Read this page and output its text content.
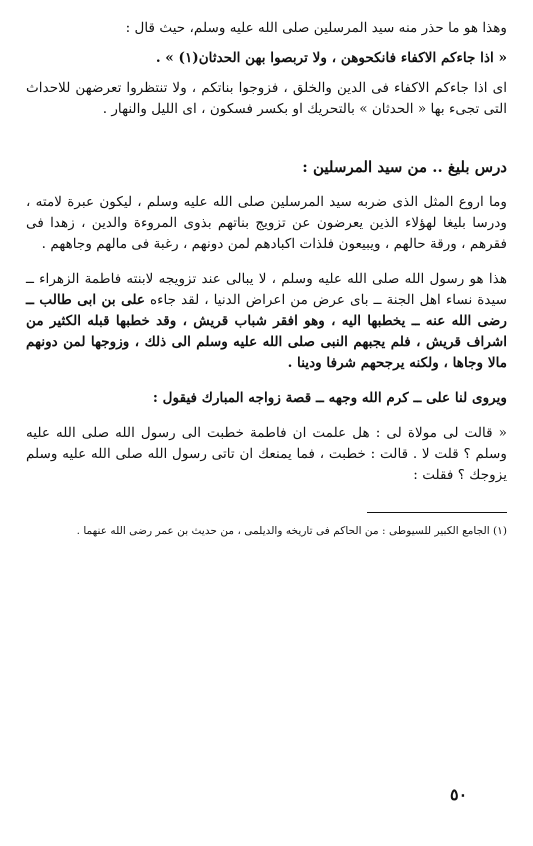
وهذا هو ما حذر منه سيد المرسلين صلى الله عليه وسلم، حيث قال :

« اذا جاءكم الاكفاء فانكحوهن ، ولا تربصوا بهن الحدثان(١) » .

اى اذا جاءكم الاكفاء فى الدين والخلق ، فزوجوا بناتكم ، ولا تنتظروا تعرضهن للاحداث التى تجىء بها « الحدثان » بالتحريك او بكسر فسكون ، اى الليل والنهار .

درس بليغ .. من سيد المرسلين :

وما اروع المثل الذى ضربه سيد المرسلين صلى الله عليه وسلم ، ليكون عبرة لامته ، ودرسا بليغا لهؤلاء الذين يعرضون عن تزويج بناتهم بذوى المروءة والدين ، زهدا فى فقرهم ، ورقة حالهم ، ويبيعون فلذات اكبادهم لمن دونهم ، رغبة فى مالهم وجاههم .

هذا هو رسول الله صلى الله عليه وسلم ، لا يبالى عند تزويجه لابنته فاطمة الزهراء ــ سيدة نساء اهل الجنة ــ باى عرض من اعراض الدنيا ، لقد جاءه على بن ابى طالب ــ رضى الله عنه ــ يخطبها اليه ، وهو افقر شباب قريش ، وقد خطبها قبله الكثير من اشراف قريش ، فلم يجبهم النبى صلى الله عليه وسلم الى ذلك ، وزوجها لمن دونهم مالا وجاها ، ولكنه يرجحهم شرفا ودينا .

ويروى لنا على ــ كرم الله وجهه ــ قصة زواجه المبارك فيقول :

« قالت لى مولاة لى : هل علمت ان فاطمة خطبت الى رسول الله صلى الله عليه وسلم ؟ قلت لا . قالت : خطبت ، فما يمنعك ان تاتى رسول الله صلى الله عليه وسلم يزوجك ؟ فقلت :

(١) الجامع الكبير للسيوطى : من الحاكم فى تاريخه والديلمى ، من حديث بن عمر رضى الله عنهما .

٥٠
